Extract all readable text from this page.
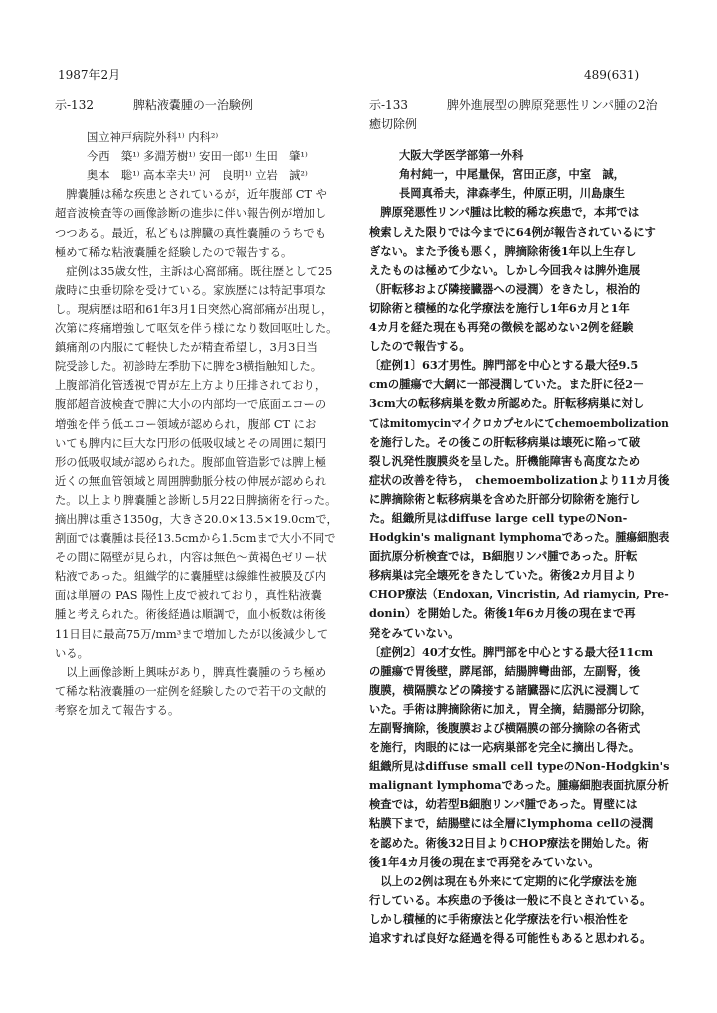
1987年2月	489(631)
示-132	脾粘液嚢腫の一治験例
国立神戸病院外科¹⁾ 内科²⁾
今西　築¹⁾ 多淵芳樹¹⁾ 安田一郎¹⁾ 生田　肇¹⁾
奥本　聡¹⁾ 高本幸夫¹⁾ 河　良明¹⁾ 立岩　誠²⁾
　脾嚢腫は稀な疾患とされているが，近年腹部 CT や
超音波検査等の画像診断の進歩に伴い報告例が増加し
つつある。最近，私どもは脾臓の真性嚢腫のうちでも
極めて稀な粘液嚢腫を経験したので報告する。
　症例は35歳女性，主訴は心窩部痛。既往歴として25
歳時に虫垂切除を受けている。家族歴には特記事項な
し。現病歴は昭和61年3月1日突然心窩部痛が出現し，
次第に疼痛増強して呕気を伴う様になり数回呕吐した。
鎮痛剤の内服にて軽快したが精査希望し，3月3日当
院受診した。初診時左季肋下に脾を3横指触知した。
上腹部消化管透視で胃が左上方より圧排されており，
腹部超音波検査で脾に大小の内部均一で底面エコーの
増強を伴う低エコー領域が認められ，腹部 CT にお
いても脾内に巨大な円形の低吸収域とその周囲に類円
形の低吸収域が認められた。腹部血管造影では脾上極
近くの無血管領域と周囲脾動脈分枝の伸展が認められ
た。以上より脾嚢腫と診断し5月22日脾摘術を行った。
摘出脾は重さ1350g，大きさ20.0×13.5×19.0cmで，
割面では嚢腫は長径13.5cmから1.5cmまで大小不同で
その間に隔壁が見られ，内容は無色～黄褐色ゼリー状
粘液であった。組織学的に嚢腫壁は線維性被膜及び内
面は単層の PAS 陽性上皮で被れており，真性粘液嚢
腫と考えられた。術後経過は順調で，血小板数は術後
11日目に最高75万/mm³まで増加したが以後減少して
いる。
　以上画像診断上興味があり，脾真性嚢腫のうち極め
て稀な粘液嚢腫の一症例を経験したので若干の文献的
考察を加えて報告する。
示-133	脾外進展型の脾原発悪性リンパ腫の2治
癒切除例
大阪大学医学部第一外科
角村純一，中尾量保，宮田正彦，中室　誠，
長岡真希夫，津森孝生，仲原正明，川島康生
　脾原発悪性リンパ腫は比較的稀な疾患で，本邦では
検索しえた限りでは今までに64例が報告されているにす
ぎない。また予後も悪く，脾摘除術後1年以上生存し
えたものは極めて少ない。しかし今回我々は脾外進展
（肝転移および隣接臓器への浸潤）をきたし，根治的
切除術と積極的な化学療法を施行し1年6カ月と1年
4カ月を経た現在も再発の徴候を認めない2例を経験
したので報告する。
〔症例1〕63才男性。脾門部を中心とする最大径9.5
cmの腫瘍で大網に一部浸潤していた。また肝に径2－
3cm大の転移病巣を数カ所認めた。肝転移病巣に対し
てはmitomycinマイクロカプセルにてchemoembolization
を施行した。その後この肝転移病巣は壊死に陥って破
裂し汎発性腹膜炎を呈した。肝機能障害も高度なため
症状の改善を待ち，　chemoembolizationより11カ月後
に脾摘除術と転移病巣を含めた肝部分切除術を施行し
た。組織所見はdiffuse large cell typeのNon-
Hodgkin's malignant lymphomaであった。腫瘍細胞表
面抗原分析検査では，B細胞リンパ腫であった。肝転
移病巣は完全壊死をきたしていた。術後2カ月目より
CHOP療法（Endoxan, Vincristin, Ad riamycin, Pre-
donin）を開始した。術後1年6カ月後の現在まで再
発をみていない。
〔症例2〕40才女性。脾門部を中心とする最大径11cm
の腫瘍で胃後壁，膵尾部，結腸脾彎曲部，左副腎，後
腹膜，横隔膜などの隣接する諸臓器に広汎に浸潤して
いた。手術は脾摘除術に加え，胃全摘，結腸部分切除，
左副腎摘除，後腹膜および横隔膜の部分摘除の各術式
を施行，肉眼的には一応病巣部を完全に摘出し得た。
組織所見はdiffuse small cell typeのNon-Hodgkin's
malignant lymphomaであった。腫瘍細胞表面抗原分析
検査では，幼若型B細胞リンパ腫であった。胃壁には
粘膜下まで，結腸壁には全層にlymphoma cellの浸潤
を認めた。術後32日目よりCHOP療法を開始した。術
後1年4カ月後の現在まで再発をみていない。
　以上の2例は現在も外来にて定期的に化学療法を施
行している。本疾患の予後は一般に不良とされている。
しかし積極的に手術療法と化学療法を行い根治性を
追求すれば良好な経過を得る可能性もあると思われる。
